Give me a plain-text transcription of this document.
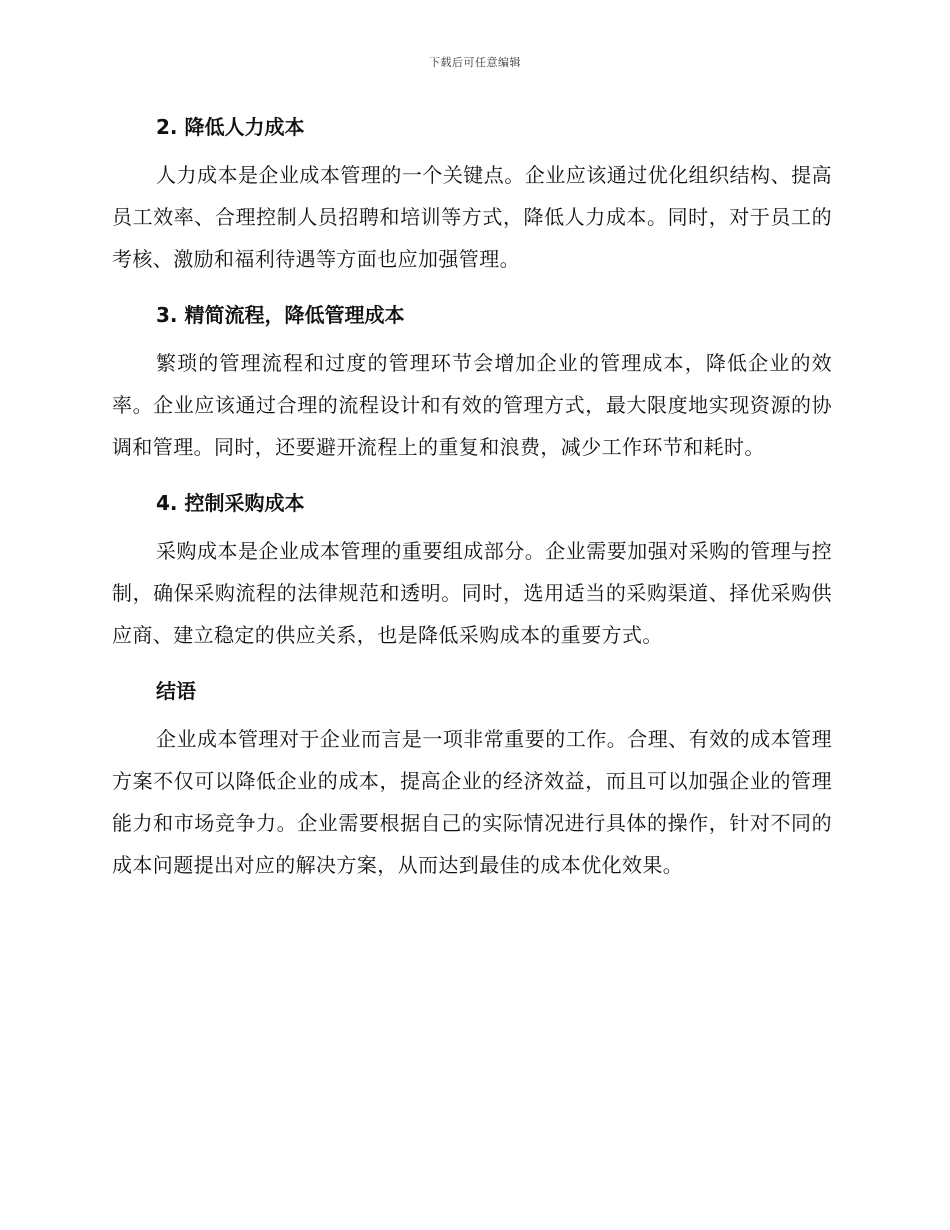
下载后可任意编辑
2. 降低人力成本

人力成本是企业成本管理的一个关键点。企业应该通过优化组织结构、提高员工效率、合理控制人员招聘和培训等方式，降低人力成本。同时，对于员工的考核、激励和福利待遇等方面也应加强管理。

3. 精简流程，降低管理成本

繁琐的管理流程和过度的管理环节会增加企业的管理成本，降低企业的效率。企业应该通过合理的流程设计和有效的管理方式，最大限度地实现资源的协调和管理。同时，还要避开流程上的重复和浪费，减少工作环节和耗时。

4. 控制采购成本

采购成本是企业成本管理的重要组成部分。企业需要加强对采购的管理与控制，确保采购流程的法律规范和透明。同时，选用适当的采购渠道、择优采购供应商、建立稳定的供应关系，也是降低采购成本的重要方式。

结语

企业成本管理对于企业而言是一项非常重要的工作。合理、有效的成本管理方案不仅可以降低企业的成本，提高企业的经济效益，而且可以加强企业的管理能力和市场竞争力。企业需要根据自己的实际情况进行具体的操作，针对不同的成本问题提出对应的解决方案，从而达到最佳的成本优化效果。
